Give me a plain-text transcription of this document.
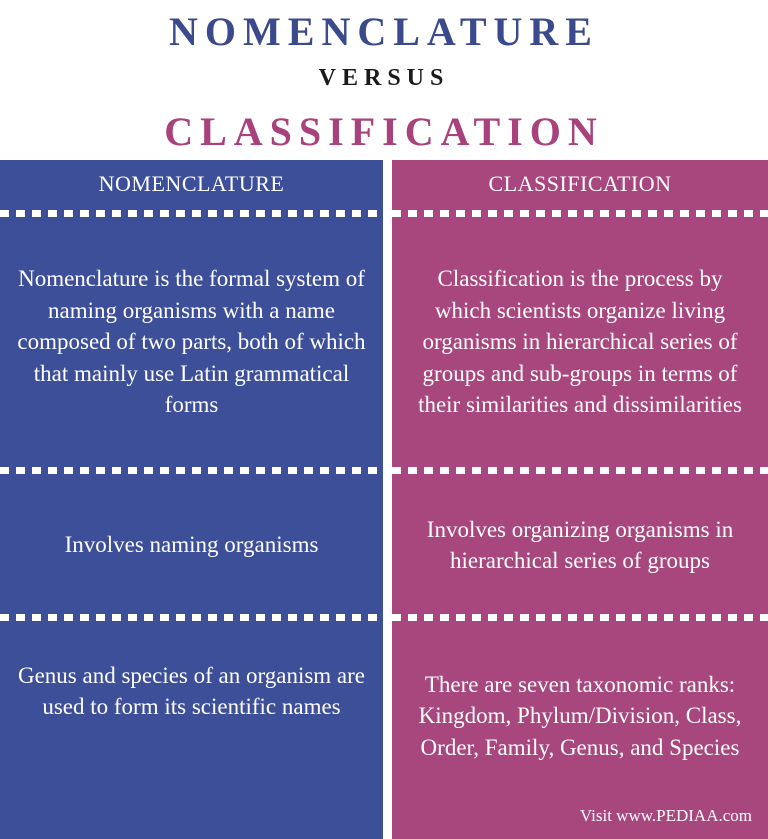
NOMENCLATURE
VERSUS
CLASSIFICATION
NOMENCLATURE
Nomenclature is the formal system of naming organisms with a name composed of two parts, both of which that mainly use Latin grammatical forms
Involves naming organisms
Genus and species of an organism are used to form its scientific names
CLASSIFICATION
Classification is the process by which scientists organize living organisms in hierarchical series of groups and sub-groups in terms of their similarities and dissimilarities
Involves organizing organisms in hierarchical series of groups
There are seven taxonomic ranks: Kingdom, Phylum/Division, Class, Order, Family, Genus, and Species
Visit www.PEDIAA.com
